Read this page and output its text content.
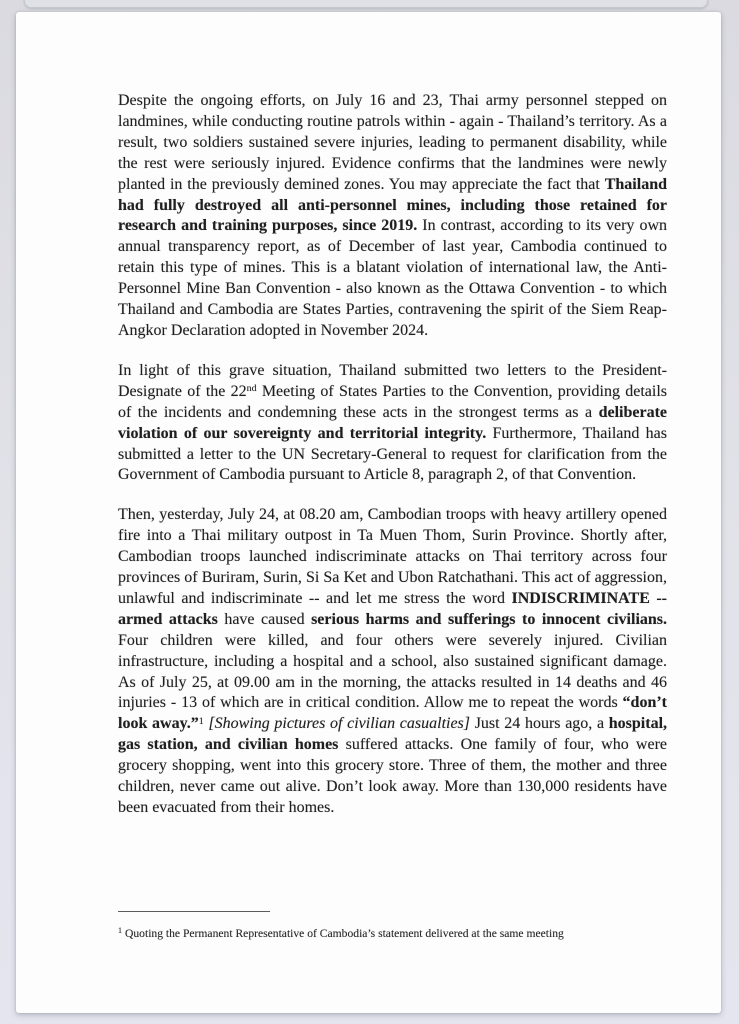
Despite the ongoing efforts, on July 16 and 23, Thai army personnel stepped on landmines, while conducting routine patrols within - again - Thailand’s territory. As a result, two soldiers sustained severe injuries, leading to permanent disability, while the rest were seriously injured. Evidence confirms that the landmines were newly planted in the previously demined zones. You may appreciate the fact that Thailand had fully destroyed all anti-personnel mines, including those retained for research and training purposes, since 2019. In contrast, according to its very own annual transparency report, as of December of last year, Cambodia continued to retain this type of mines. This is a blatant violation of international law, the Anti-Personnel Mine Ban Convention - also known as the Ottawa Convention - to which Thailand and Cambodia are States Parties, contravening the spirit of the Siem Reap-Angkor Declaration adopted in November 2024.

In light of this grave situation, Thailand submitted two letters to the President-Designate of the 22nd Meeting of States Parties to the Convention, providing details of the incidents and condemning these acts in the strongest terms as a deliberate violation of our sovereignty and territorial integrity. Furthermore, Thailand has submitted a letter to the UN Secretary-General to request for clarification from the Government of Cambodia pursuant to Article 8, paragraph 2, of that Convention.

Then, yesterday, July 24, at 08.20 am, Cambodian troops with heavy artillery opened fire into a Thai military outpost in Ta Muen Thom, Surin Province. Shortly after, Cambodian troops launched indiscriminate attacks on Thai territory across four provinces of Buriram, Surin, Si Sa Ket and Ubon Ratchathani. This act of aggression, unlawful and indiscriminate -- and let me stress the word INDISCRIMINATE -- armed attacks have caused serious harms and sufferings to innocent civilians. Four children were killed, and four others were severely injured. Civilian infrastructure, including a hospital and a school, also sustained significant damage. As of July 25, at 09.00 am in the morning, the attacks resulted in 14 deaths and 46 injuries - 13 of which are in critical condition. Allow me to repeat the words “don’t look away.”$^1$ [Showing pictures of civilian casualties] Just 24 hours ago, a hospital, gas station, and civilian homes suffered attacks. One family of four, who were grocery shopping, went into this grocery store. Three of them, the mother and three children, never came out alive. Don’t look away. More than 130,000 residents have been evacuated from their homes.

$^1$ Quoting the Permanent Representative of Cambodia’s statement delivered at the same meeting
